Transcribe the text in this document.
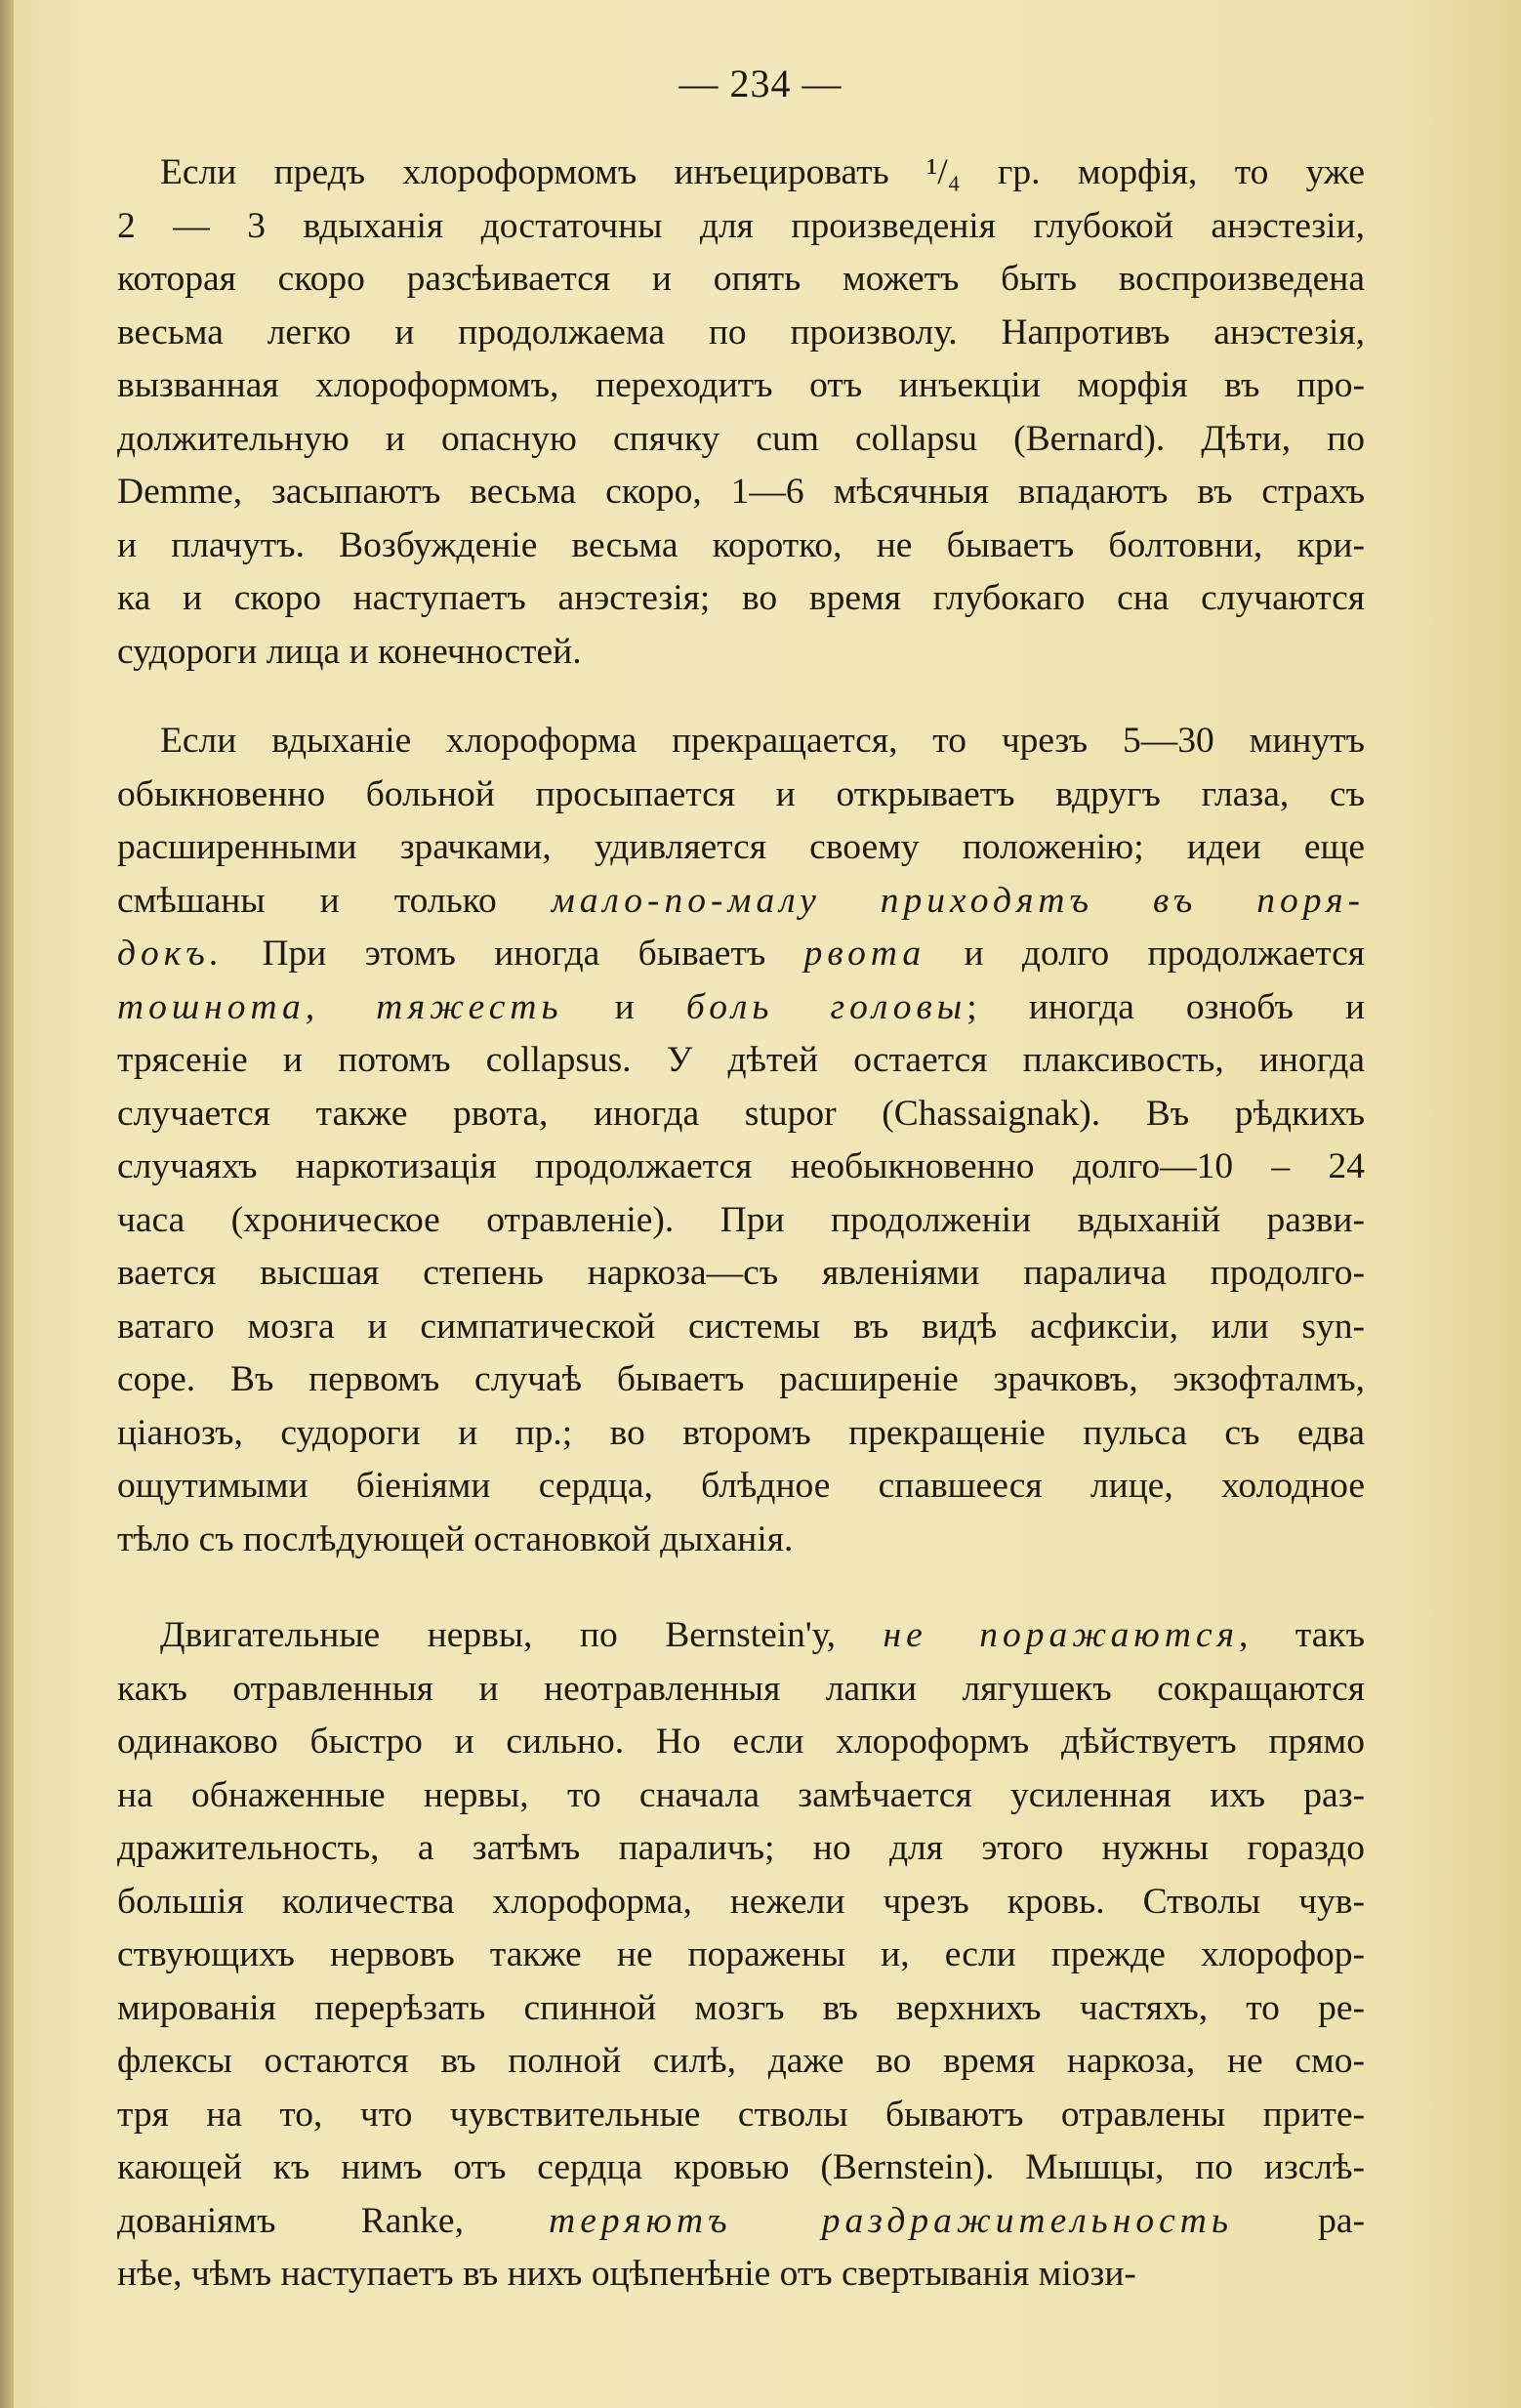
— 234 —
Если предъ хлороформомъ инъецировать ¹/₄ гр. морфія, то уже
2 — 3 вдыханія достаточны для произведенія глубокой анэстезіи,
которая скоро разсѣивается и опять можетъ быть воспроизведена
весьма легко и продолжаема по произволу. Напротивъ анэстезія,
вызванная хлороформомъ, переходитъ отъ инъекціи морфія въ про-
должительную и опасную спячку cum collapsu (Bernard). Дѣти, по
Demme, засыпаютъ весьма скоро, 1—6 мѣсячныя впадаютъ въ страхъ
и плачутъ. Возбужденіе весьма коротко, не бываетъ болтовни, кри-
ка и скоро наступаетъ анэстезія; во время глубокаго сна случаются
судороги лица и конечностей.
Если вдыханіе хлороформа прекращается, то чрезъ 5—30 минутъ
обыкновенно больной просыпается и открываетъ вдругъ глаза, съ
расширенными зрачками, удивляется своему положенію; идеи еще
смѣшаны и только мало-по-малу приходятъ въ поря-
докъ. При этомъ иногда бываетъ рвота и долго продолжается
тошнота, тяжесть и боль головы; иногда ознобъ и
трясеніе и потомъ collapsus. У дѣтей остается плаксивость, иногда
случается также рвота, иногда stupor (Chassaignak). Въ рѣдкихъ
случаяхъ наркотизація продолжается необыкновенно долго—10 – 24
часа (хроническое отравленіе). При продолженіи вдыханій разви-
вается высшая степень наркоза—съ явленіями паралича продолго-
ватаго мозга и симпатической системы въ видѣ асфиксіи, или syn-
cope. Въ первомъ случаѣ бываетъ расширеніе зрачковъ, экзофталмъ,
ціанозъ, судороги и пр.; во второмъ прекращеніе пульса съ едва
ощутимыми біеніями сердца, блѣдное спавшееся лице, холодное
тѣло съ послѣдующей остановкой дыханія.
Двигательные нервы, по Bernstein'у, не поражаются, такъ
какъ отравленныя и неотравленныя лапки лягушекъ сокращаются
одинаково быстро и сильно. Но если хлороформъ дѣйствуетъ прямо
на обнаженные нервы, то сначала замѣчается усиленная ихъ раз-
дражительность, а затѣмъ параличъ; но для этого нужны гораздо
большія количества хлороформа, нежели чрезъ кровь. Стволы чув-
ствующихъ нервовъ также не поражены и, если прежде хлорофор-
мированія перерѣзать спинной мозгъ въ верхнихъ частяхъ, то ре-
флексы остаются въ полной силѣ, даже во время наркоза, не смо-
тря на то, что чувствительные стволы бываютъ отравлены прите-
кающей къ нимъ отъ сердца кровью (Bernstein). Мышцы, по изслѣ-
дованіямъ Ranke, теряютъ раздражительность ра-
нѣе, чѣмъ наступаетъ въ нихъ оцѣпенѣніе отъ свертыванія міози-
